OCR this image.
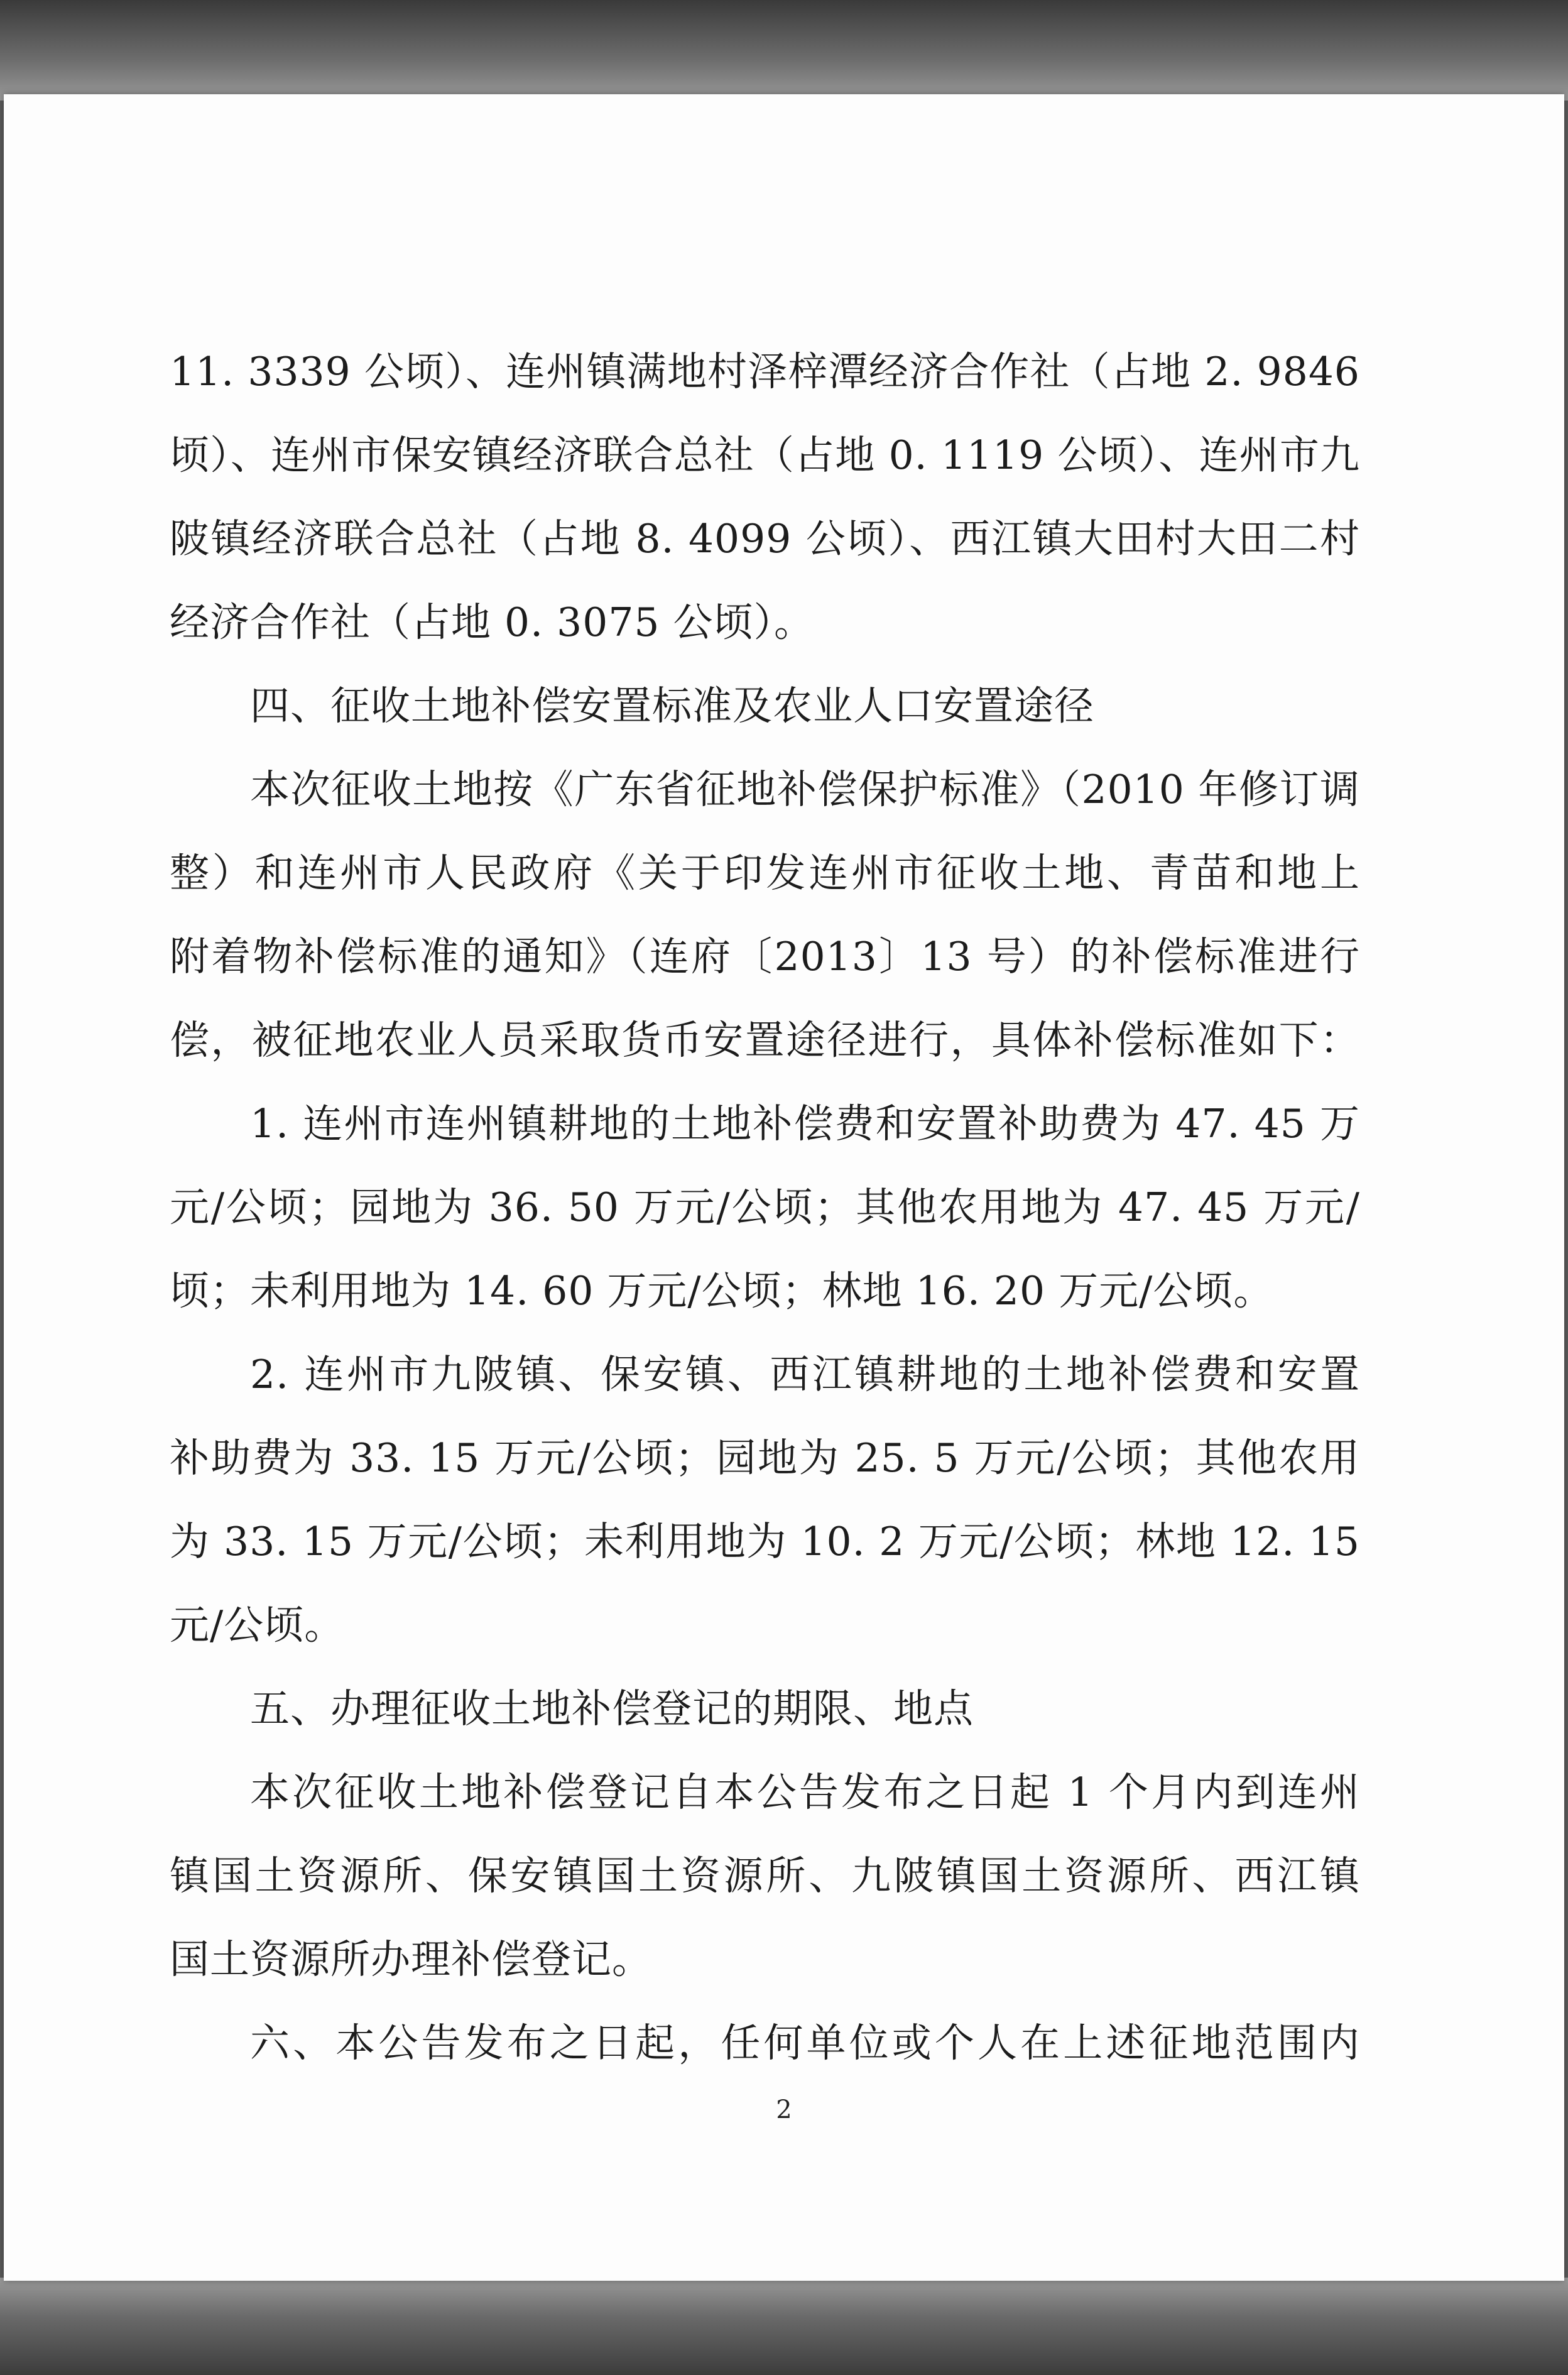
11. 3339 公顷）、连州镇满地村泽梓潭经济合作社（占地 2. 9846
顷）、连州市保安镇经济联合总社（占地 0. 1119 公顷）、连州市九
陂镇经济联合总社（占地 8. 4099 公顷）、西江镇大田村大田二村
经济合作社（占地 0. 3075 公顷）。
四、征收土地补偿安置标准及农业人口安置途径
本次征收土地按《广东省征地补偿保护标准》（2010 年修订调
整）和连州市人民政府《关于印发连州市征收土地、青苗和地上
附着物补偿标准的通知》（连府〔2013〕13 号）的补偿标准进行
偿，被征地农业人员采取货币安置途径进行，具体补偿标准如下：
1. 连州市连州镇耕地的土地补偿费和安置补助费为 47. 45 万
元/公顷；园地为 36. 50 万元/公顷；其他农用地为 47. 45 万元/
顷；未利用地为 14. 60 万元/公顷；林地 16. 20 万元/公顷。
2. 连州市九陂镇、保安镇、西江镇耕地的土地补偿费和安置
补助费为 33. 15 万元/公顷；园地为 25. 5 万元/公顷；其他农用
为 33. 15 万元/公顷；未利用地为 10. 2 万元/公顷；林地 12. 15
元/公顷。
五、办理征收土地补偿登记的期限、地点
本次征收土地补偿登记自本公告发布之日起 1 个月内到连州
镇国土资源所、保安镇国土资源所、九陂镇国土资源所、西江镇
国土资源所办理补偿登记。
六、本公告发布之日起，任何单位或个人在上述征地范围内
2
